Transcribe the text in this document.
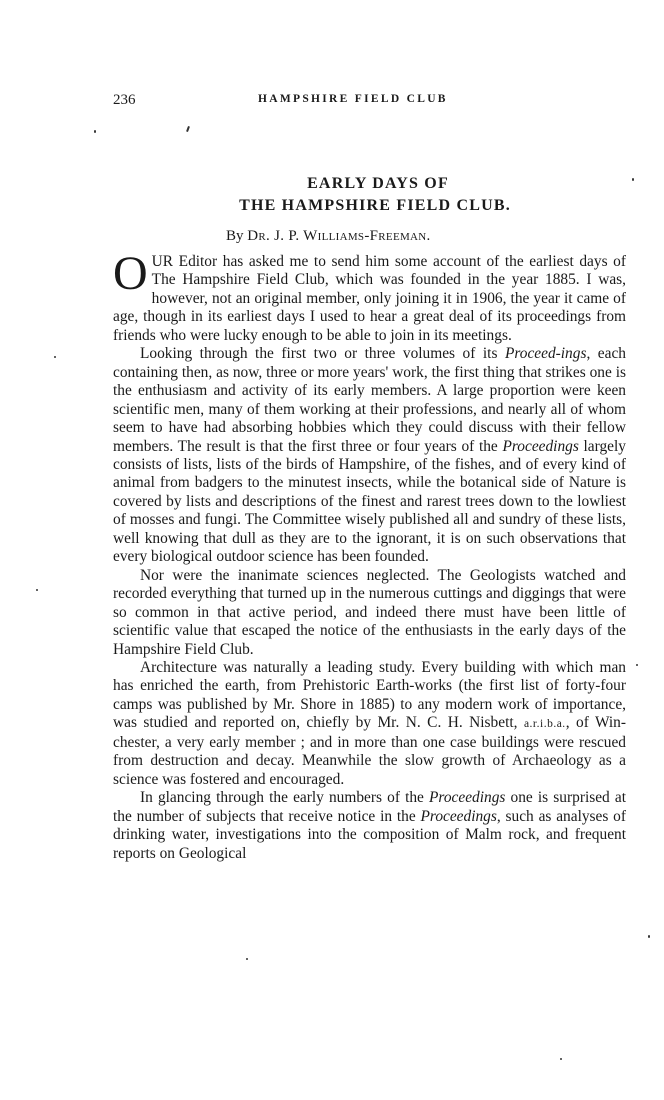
236	HAMPSHIRE FIELD CLUB
EARLY DAYS OF
THE HAMPSHIRE FIELD CLUB.
By Dr. J. P. Williams-Freeman.

OUR Editor has asked me to send him some account of the earliest days of The Hampshire Field Club, which was founded in the year 1885. I was, however, not an original member, only joining it in 1906, the year it came of age, though in its earliest days I used to hear a great deal of its proceedings from friends who were lucky enough to be able to join in its meetings.

Looking through the first two or three volumes of its Proceed-ings, each containing then, as now, three or more years' work, the first thing that strikes one is the enthusiasm and activity of its early members. A large proportion were keen scientific men, many of them working at their professions, and nearly all of whom seem to have had absorbing hobbies which they could discuss with their fellow members. The result is that the first three or four years of the Proceedings largely consists of lists, lists of the birds of Hampshire, of the fishes, and of every kind of animal from badgers to the minutest insects, while the botanical side of Nature is covered by lists and descriptions of the finest and rarest trees down to the lowliest of mosses and fungi. The Committee wisely published all and sundry of these lists, well knowing that dull as they are to the ignorant, it is on such observations that every biological outdoor science has been founded.

Nor were the inanimate sciences neglected. The Geologists watched and recorded everything that turned up in the numerous cuttings and diggings that were so common in that active period, and indeed there must have been little of scientific value that escaped the notice of the enthusiasts in the early days of the Hampshire Field Club.

Architecture was naturally a leading study. Every building with which man has enriched the earth, from Prehistoric Earth-works (the first list of forty-four camps was published by Mr. Shore in 1885) to any modern work of importance, was studied and reported on, chiefly by Mr. N. C. H. Nisbett, a.r.i.b.a., of Win-chester, a very early member ; and in more than one case buildings were rescued from destruction and decay. Meanwhile the slow growth of Archaeology as a science was fostered and encouraged.

In glancing through the early numbers of the Proceedings one is surprised at the number of subjects that receive notice in the Proceedings, such as analyses of drinking water, investigations into the composition of Malm rock, and frequent reports on Geological
